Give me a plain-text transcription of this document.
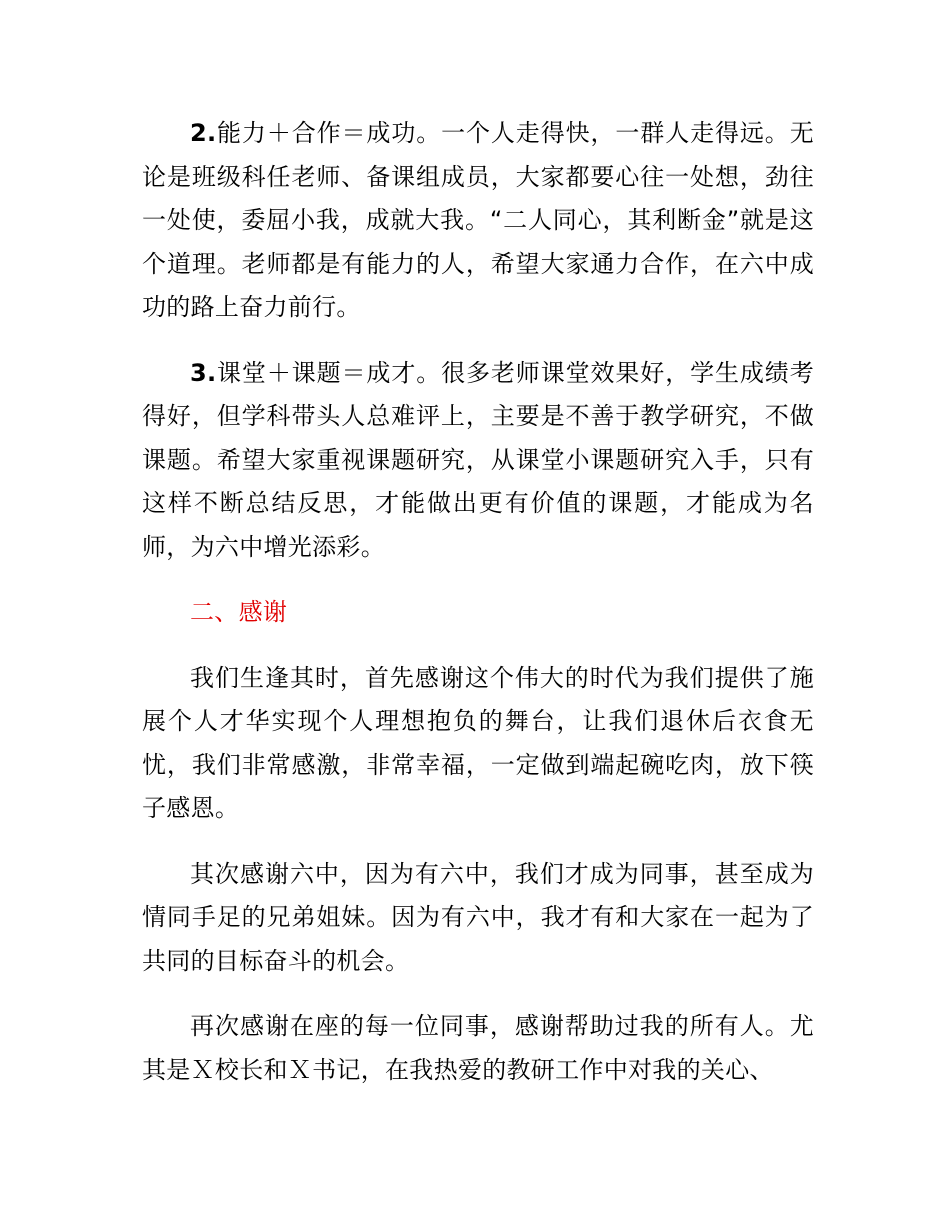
2.能力＋合作＝成功。一个人走得快，一群人走得远。无论是班级科任老师、备课组成员，大家都要心往一处想，劲往一处使，委屈小我，成就大我。“二人同心，其利断金”就是这个道理。老师都是有能力的人，希望大家通力合作，在六中成功的路上奋力前行。

3.课堂＋课题＝成才。很多老师课堂效果好，学生成绩考得好，但学科带头人总难评上，主要是不善于教学研究，不做课题。希望大家重视课题研究，从课堂小课题研究入手，只有这样不断总结反思，才能做出更有价值的课题，才能成为名师，为六中增光添彩。

二、感谢

我们生逢其时，首先感谢这个伟大的时代为我们提供了施展个人才华实现个人理想抱负的舞台，让我们退休后衣食无忧，我们非常感激，非常幸福，一定做到端起碗吃肉，放下筷子感恩。

其次感谢六中，因为有六中，我们才成为同事，甚至成为情同手足的兄弟姐妹。因为有六中，我才有和大家在一起为了共同的目标奋斗的机会。

再次感谢在座的每一位同事，感谢帮助过我的所有人。尤其是Ｘ校长和Ｘ书记，在我热爱的教研工作中对我的关心、
